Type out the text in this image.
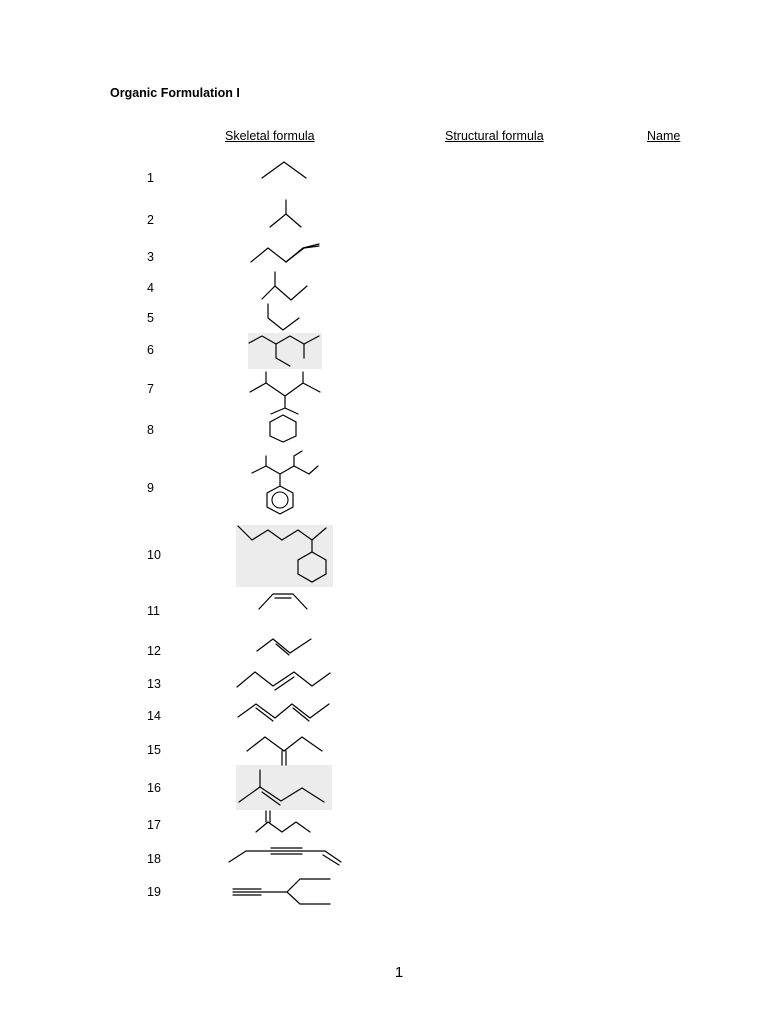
Organic Formulation I
Skeletal formula	Structural formula	Name
1
2
3
4
5
6
7
8
9
10
11
12
13
14
15
16
17
18
19
1
